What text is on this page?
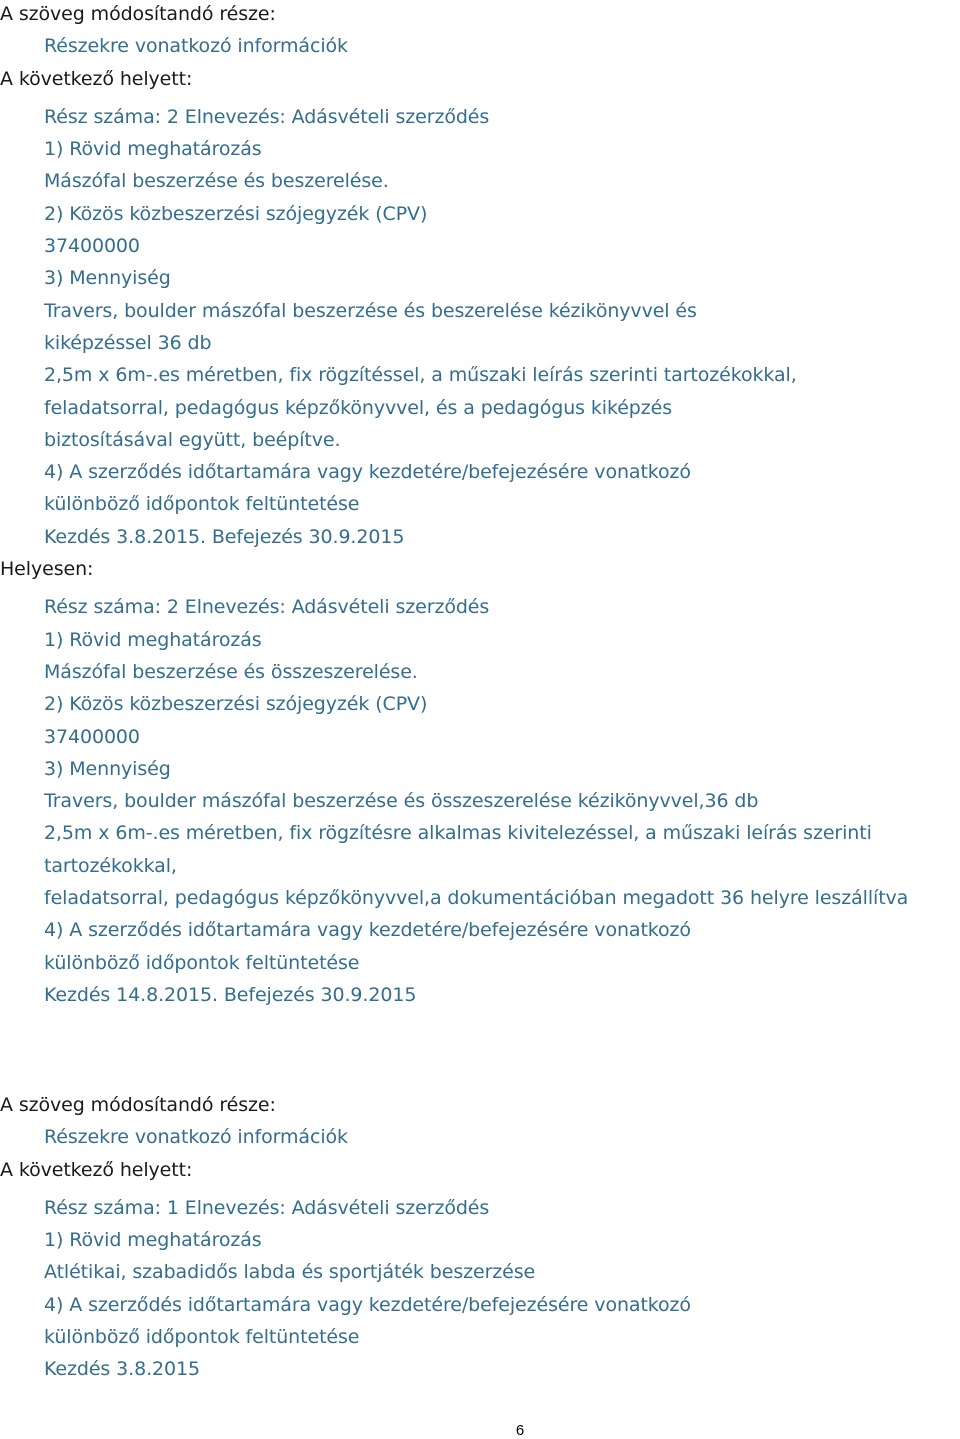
A szöveg módosítandó része:
Részekre vonatkozó információk
A következő helyett:
Rész száma: 2 Elnevezés: Adásvételi szerződés
1) Rövid meghatározás
Mászófal beszerzése és beszerelése.
2) Közös közbeszerzési szójegyzék (CPV)
37400000
3) Mennyiség
Travers, boulder mászófal beszerzése és beszerelése kézikönyvvel és
kiképzéssel 36 db
2,5m x 6m-.es méretben, fix rögzítéssel, a műszaki leírás szerinti tartozékokkal,
feladatsorral, pedagógus képzőkönyvvel, és a pedagógus kiképzés
biztosításával együtt, beépítve.
4) A szerződés időtartamára vagy kezdetére/befejezésére vonatkozó
különböző időpontok feltüntetése
Kezdés 3.8.2015. Befejezés 30.9.2015
Helyesen:
Rész száma: 2 Elnevezés: Adásvételi szerződés
1) Rövid meghatározás
Mászófal beszerzése és összeszerelése.
2) Közös közbeszerzési szójegyzék (CPV)
37400000
3) Mennyiség
Travers, boulder mászófal beszerzése és összeszerelése kézikönyvvel,36 db
2,5m x 6m-.es méretben, fix rögzítésre alkalmas kivitelezéssel, a műszaki leírás szerinti
tartozékokkal,
feladatsorral, pedagógus képzőkönyvvel,a dokumentációban megadott 36 helyre leszállítva
4) A szerződés időtartamára vagy kezdetére/befejezésére vonatkozó
különböző időpontok feltüntetése
Kezdés 14.8.2015. Befejezés 30.9.2015
A szöveg módosítandó része:
Részekre vonatkozó információk
A következő helyett:
Rész száma: 1 Elnevezés: Adásvételi szerződés
1) Rövid meghatározás
Atlétikai, szabadidős labda és sportjáték beszerzése
4) A szerződés időtartamára vagy kezdetére/befejezésére vonatkozó
különböző időpontok feltüntetése
Kezdés 3.8.2015
6
